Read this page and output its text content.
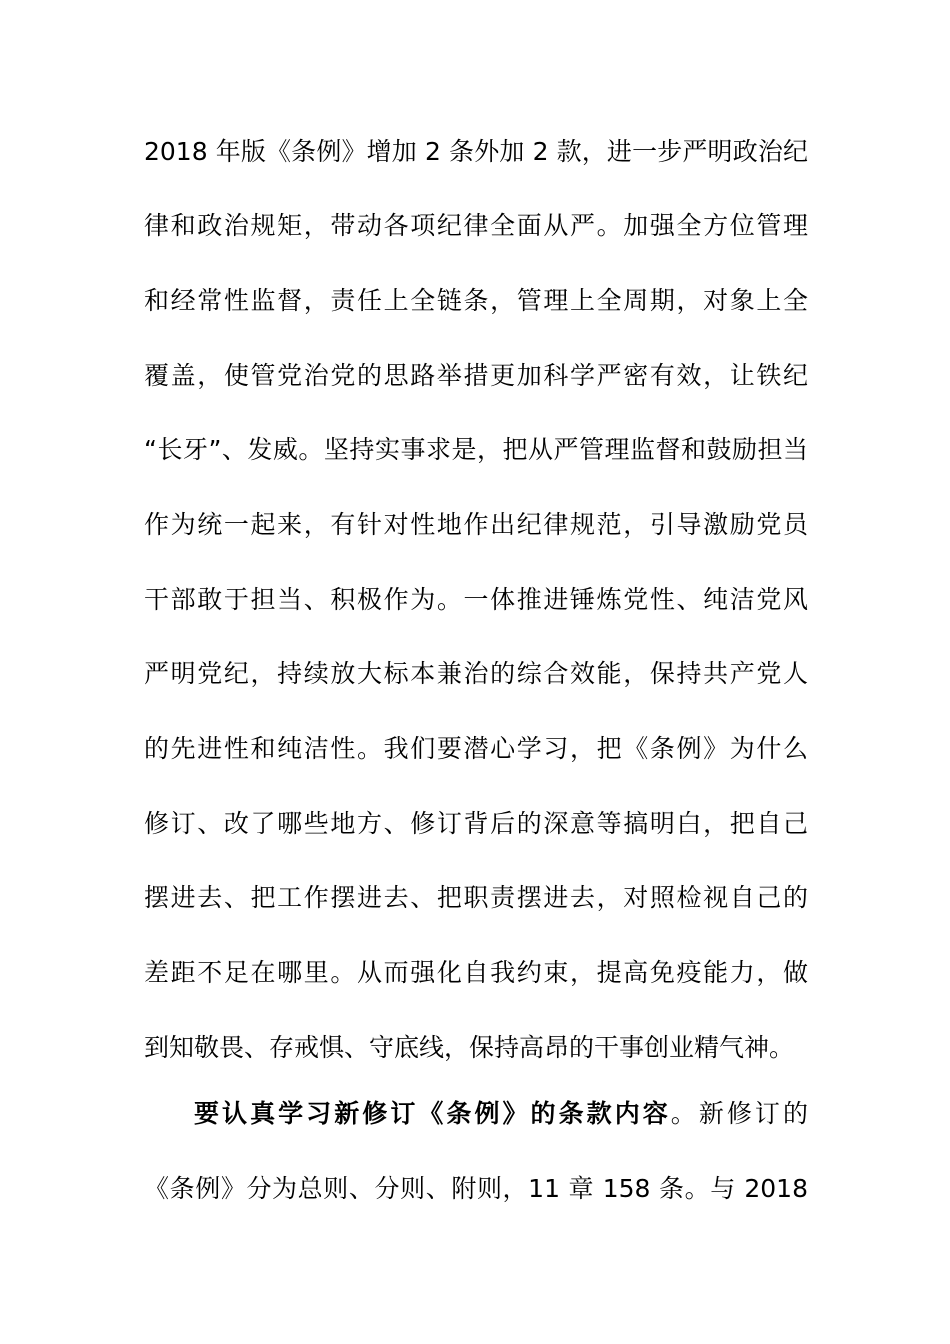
2018 年版《条例》增加 2 条外加 2 款，进一步严明政治纪
律和政治规矩，带动各项纪律全面从严。加强全方位管理
和经常性监督，责任上全链条，管理上全周期，对象上全
覆盖，使管党治党的思路举措更加科学严密有效，让铁纪
“长牙”、发威。坚持实事求是，把从严管理监督和鼓励担当
作为统一起来，有针对性地作出纪律规范，引导激励党员
干部敢于担当、积极作为。一体推进锤炼党性、纯洁党风
严明党纪，持续放大标本兼治的综合效能，保持共产党人
的先进性和纯洁性。我们要潜心学习，把《条例》为什么
修订、改了哪些地方、修订背后的深意等搞明白，把自己
摆进去、把工作摆进去、把职责摆进去，对照检视自己的
差距不足在哪里。从而强化自我约束，提高免疫能力，做
到知敬畏、存戒惧、守底线，保持高昂的干事创业精气神。
要认真学习新修订《条例》的条款内容。新修订的
《条例》分为总则、分则、附则，11 章 158 条。与 2018
